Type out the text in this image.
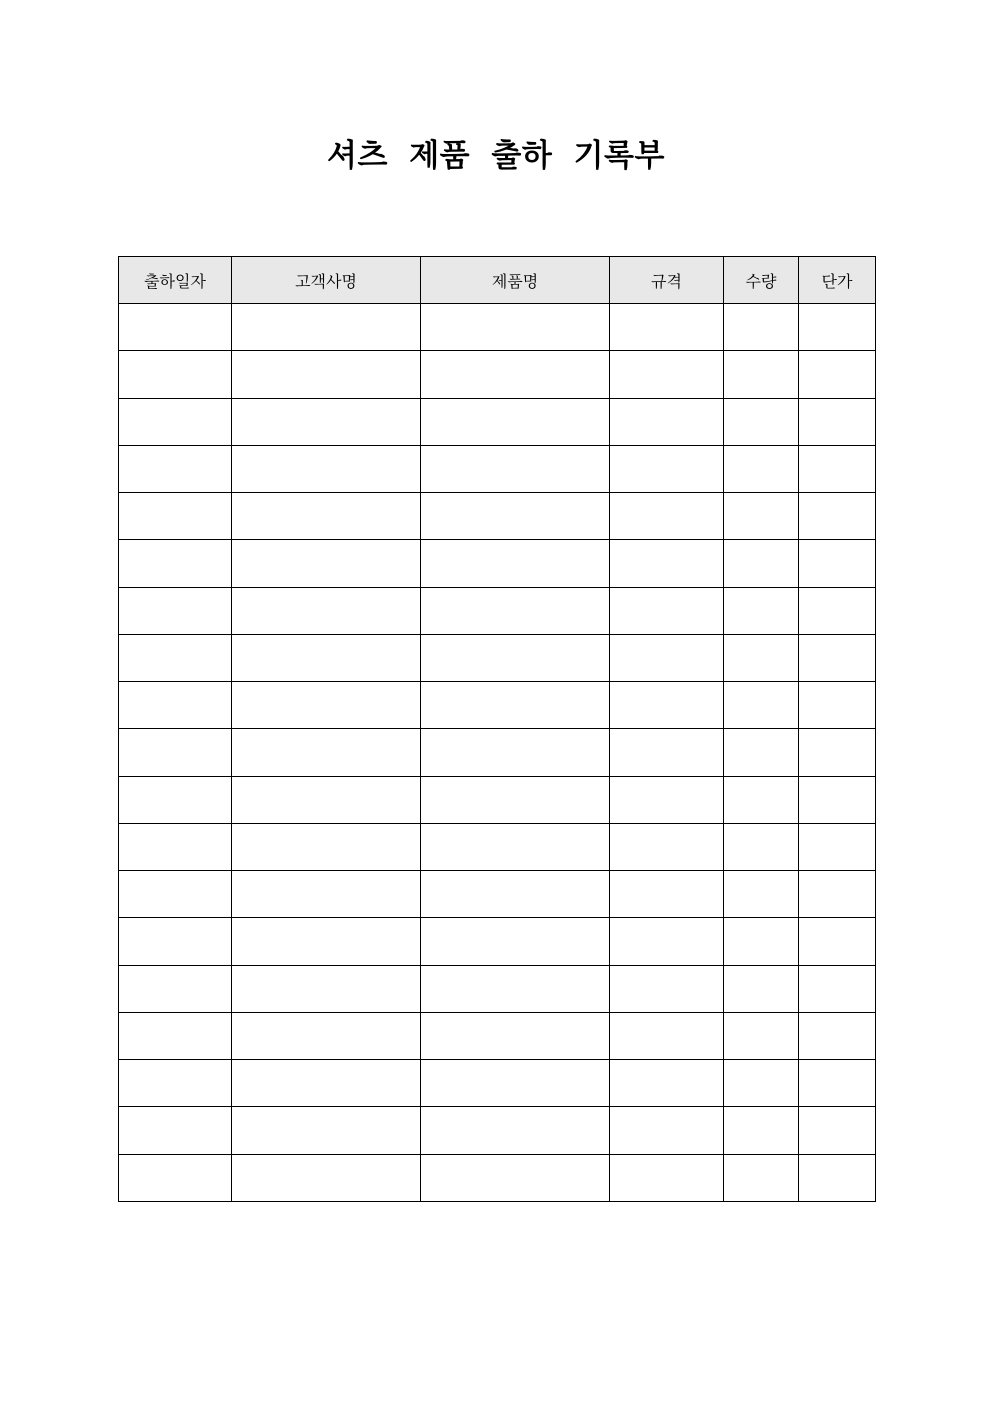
셔츠 제품 출하 기록부
출하일자	고객사명	제품명	규격	수량	단가
